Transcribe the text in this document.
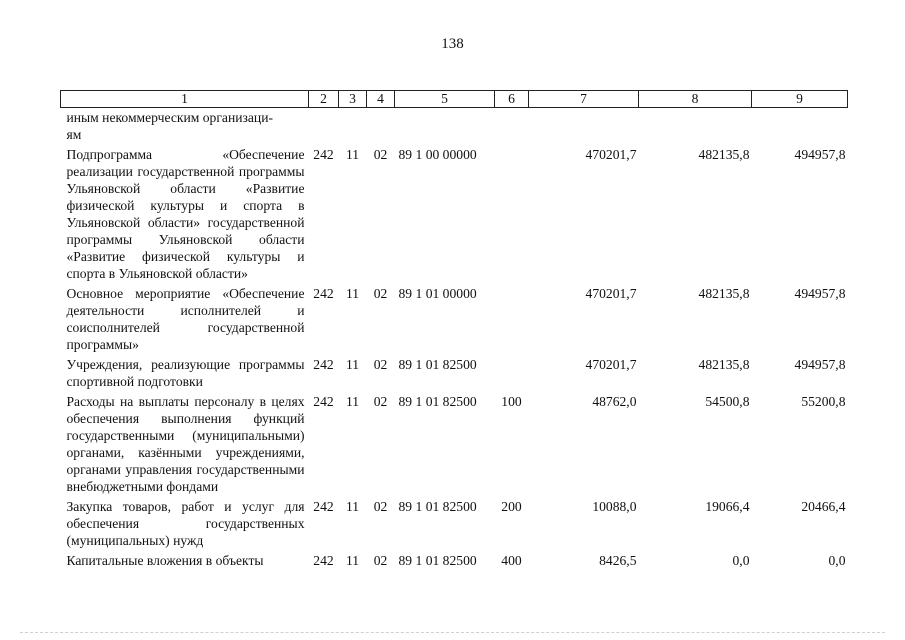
138
1	2	3	4	5	6	7	8	9
иным некоммерческим организаци-
ям								
Подпрограмма «Обеспечение реализации государственной программы Ульяновской области «Развитие физической культуры и спорта в Ульяновской области» государственной программы Ульяновской области «Развитие физической культуры и спорта в Ульяновской области»	242	11	02	89 1 00 00000		470201,7	482135,8	494957,8
Основное мероприятие «Обеспечение деятельности исполнителей и соисполнителей государственной программы»	242	11	02	89 1 01 00000		470201,7	482135,8	494957,8
Учреждения, реализующие программы спортивной подготовки	242	11	02	89 1 01 82500		470201,7	482135,8	494957,8
Расходы на выплаты персоналу в целях обеспечения выполнения функций государственными (муниципальными) органами, казёнными учреждениями, органами управления государственными внебюджетными фондами	242	11	02	89 1 01 82500	100	48762,0	54500,8	55200,8
Закупка товаров, работ и услуг для обеспечения государственных (муниципальных) нужд	242	11	02	89 1 01 82500	200	10088,0	19066,4	20466,4
Капитальные вложения в объекты	242	11	02	89 1 01 82500	400	8426,5	0,0	0,0
